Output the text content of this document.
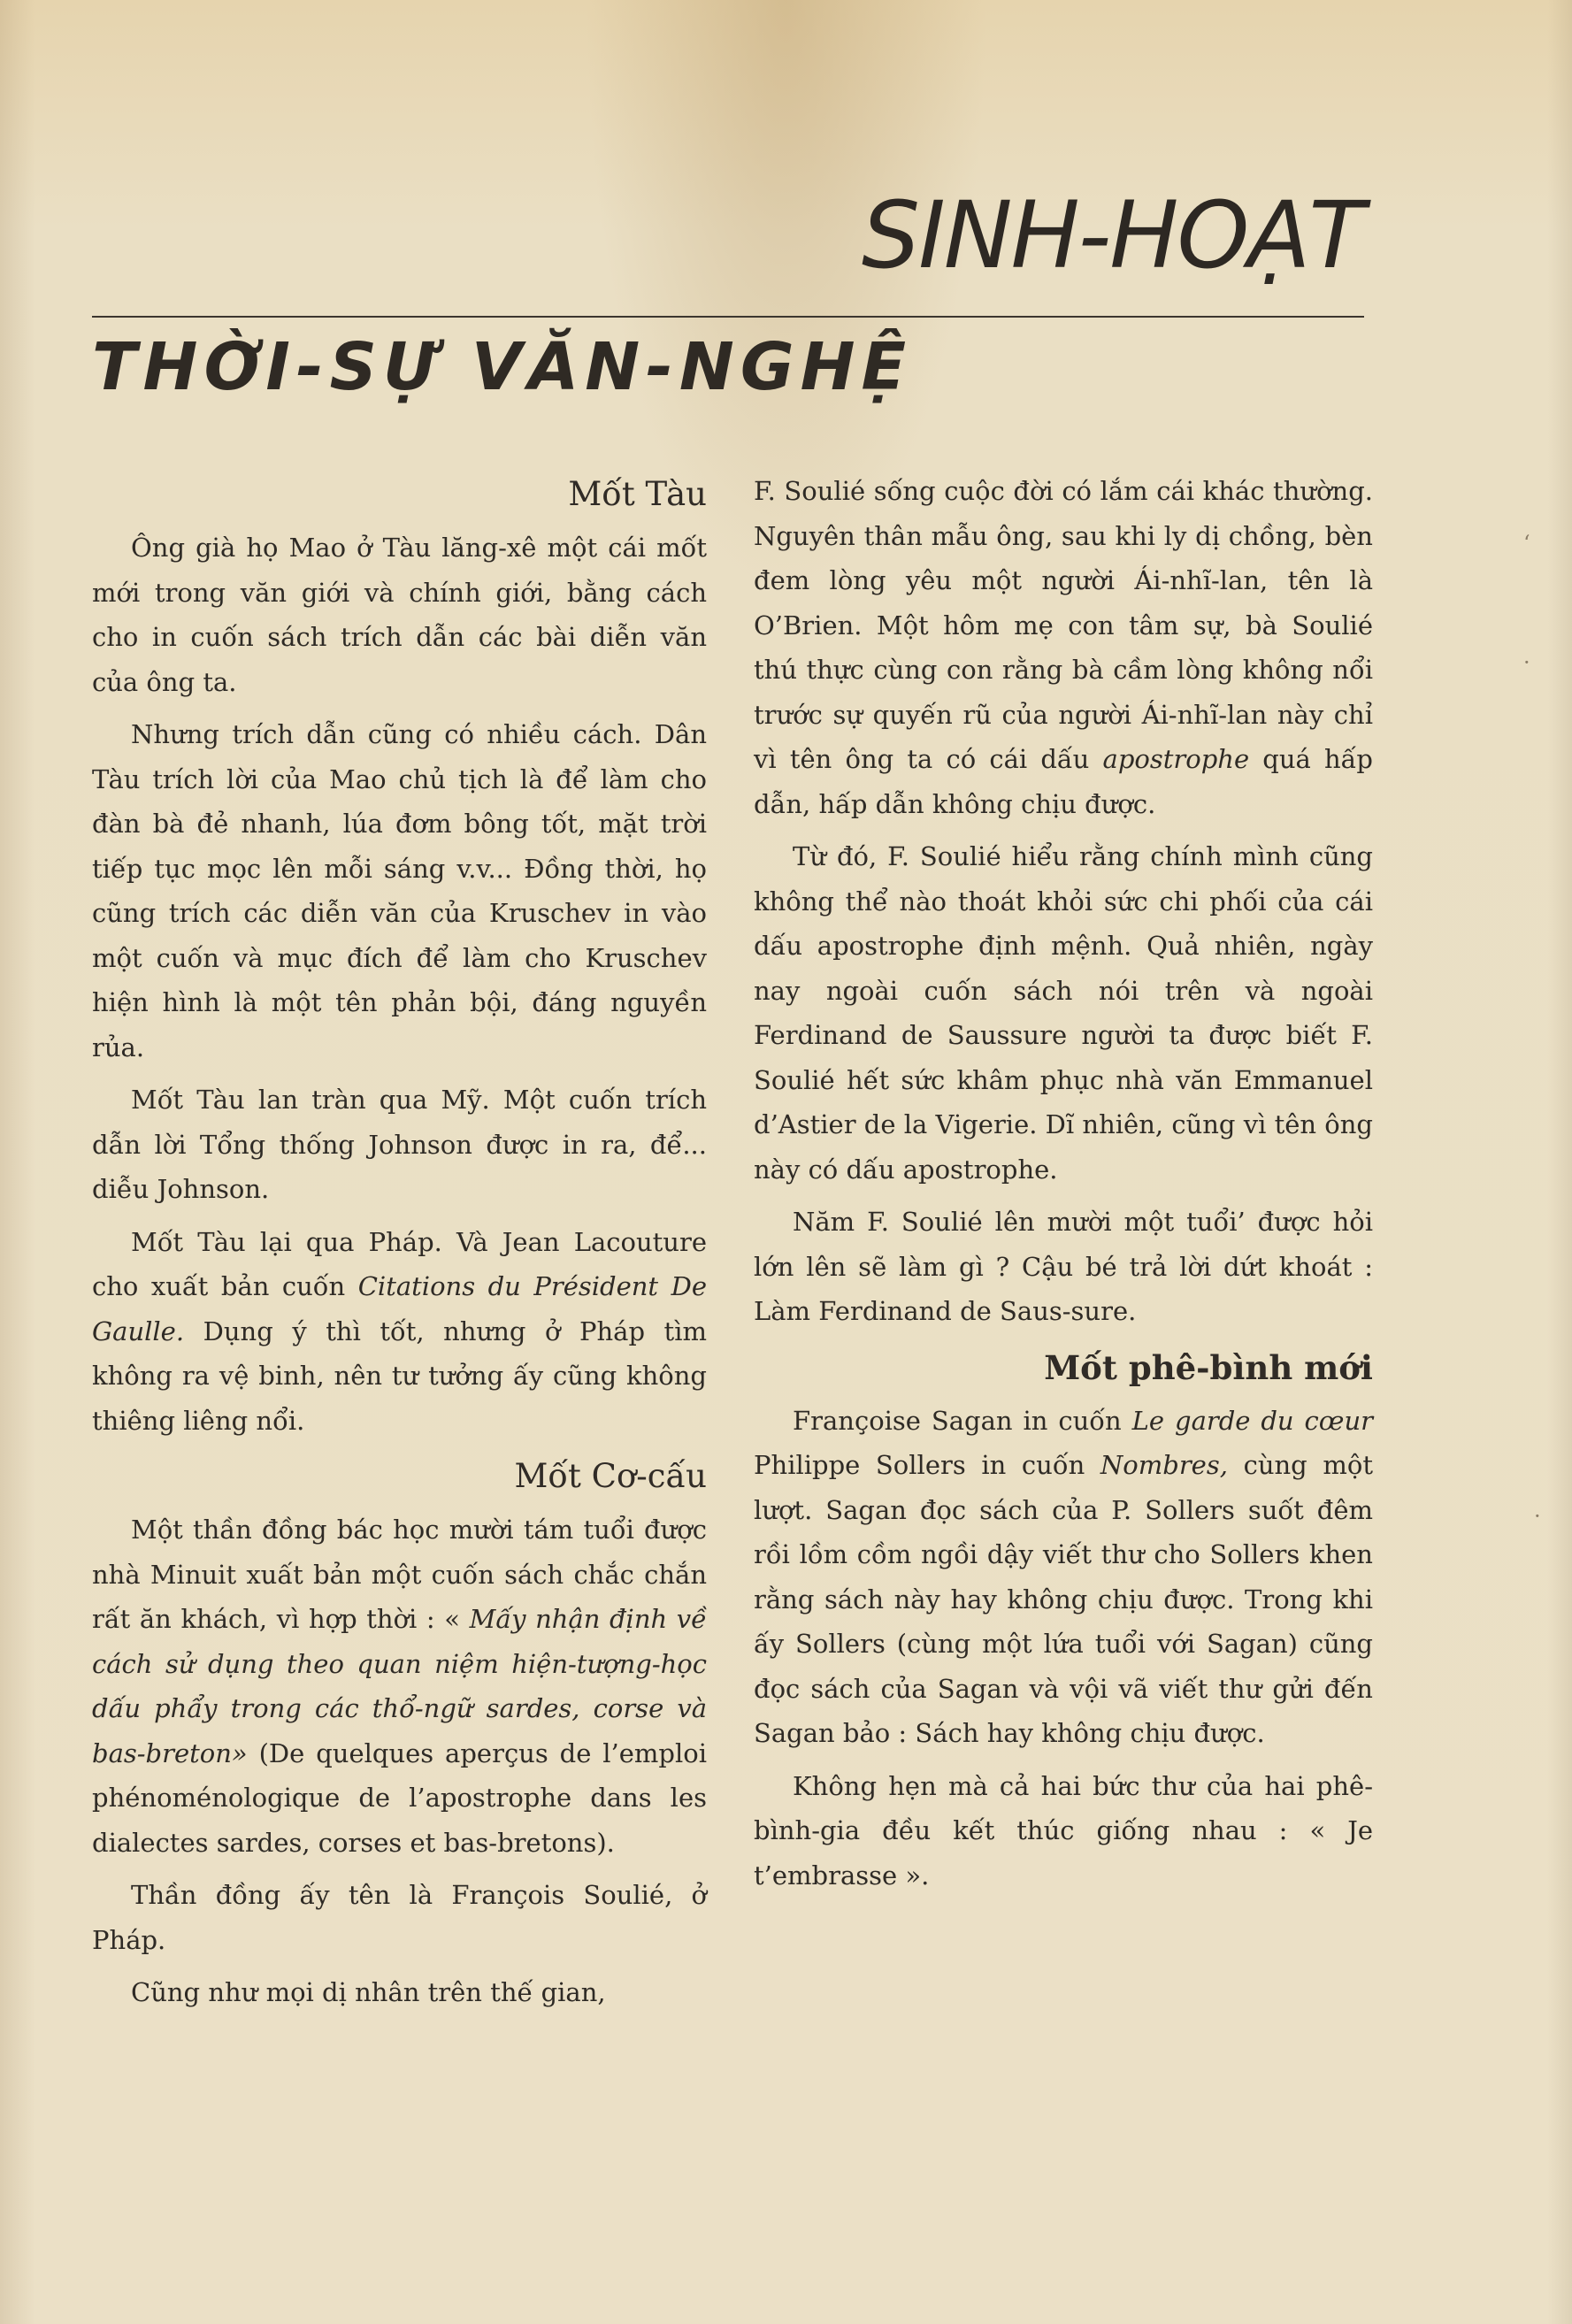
SINH-HOẠT
THỜI-SỰ VĂN-NGHỆ
Mốt Tàu

Ông già họ Mao ở Tàu lăng-xê một cái mốt mới trong văn giới và chính giới, bằng cách cho in cuốn sách trích dẫn các bài diễn văn của ông ta.

Nhưng trích dẫn cũng có nhiều cách. Dân Tàu trích lời của Mao chủ tịch là để làm cho đàn bà đẻ nhanh, lúa đơm bông tốt, mặt trời tiếp tục mọc lên mỗi sáng v.v... Đồng thời, họ cũng trích các diễn văn của Kruschev in vào một cuốn và mục đích để làm cho Kruschev hiện hình là một tên phản bội, đáng nguyền rủa.

Mốt Tàu lan tràn qua Mỹ. Một cuốn trích dẫn lời Tổng thống Johnson được in ra, để... diễu Johnson.

Mốt Tàu lại qua Pháp. Và Jean Lacouture cho xuất bản cuốn Citations du Président De Gaulle. Dụng ý thì tốt, nhưng ở Pháp tìm không ra vệ binh, nên tư tưởng ấy cũng không thiêng liêng nổi.

Mốt Cơ-cấu

Một thần đồng bác học mười tám tuổi được nhà Minuit xuất bản một cuốn sách chắc chắn rất ăn khách, vì hợp thời : « Mấy nhận định về cách sử dụng theo quan niệm hiện-tượng-học dấu phẩy trong các thổ-ngữ sardes, corse và bas-breton» (De quelques aperçus de l’emploi phénoménologique de l’apostrophe dans les dialectes sardes, corses et bas-bretons).

Thần đồng ấy tên là François Soulié, ở Pháp.

Cũng như mọi dị nhân trên thế gian,

F. Soulié sống cuộc đời có lắm cái khác thường. Nguyên thân mẫu ông, sau khi ly dị chồng, bèn đem lòng yêu một người Ái-nhĩ-lan, tên là O’Brien. Một hôm mẹ con tâm sự, bà Soulié thú thực cùng con rằng bà cầm lòng không nổi trước sự quyến rũ của người Ái-nhĩ-lan này chỉ vì tên ông ta có cái dấu apostrophe quá hấp dẫn, hấp dẫn không chịu được.

Từ đó, F. Soulié hiểu rằng chính mình cũng không thể nào thoát khỏi sức chi phối của cái dấu apostrophe định mệnh. Quả nhiên, ngày nay ngoài cuốn sách nói trên và ngoài Ferdinand de Saussure người ta được biết F. Soulié hết sức khâm phục nhà văn Emmanuel d’Astier de la Vigerie. Dĩ nhiên, cũng vì tên ông này có dấu apostrophe.

Năm F. Soulié lên mười một tuổi’ được hỏi lớn lên sẽ làm gì ? Cậu bé trả lời dứt khoát : Làm Ferdinand de Saus-sure.

Mốt phê-bình mới

Françoise Sagan in cuốn Le garde du cœur Philippe Sollers in cuốn Nombres, cùng một lượt. Sagan đọc sách của P. Sollers suốt đêm rồi lồm cồm ngồi dậy viết thư cho Sollers khen rằng sách này hay không chịu được. Trong khi ấy Sollers (cùng một lứa tuổi với Sagan) cũng đọc sách của Sagan và vội vã viết thư gửi đến Sagan bảo : Sách hay không chịu được.

Không hẹn mà cả hai bức thư của hai phê-bình-gia đều kết thúc giống nhau : « Je t’embrasse ».

ʻ
·
·
